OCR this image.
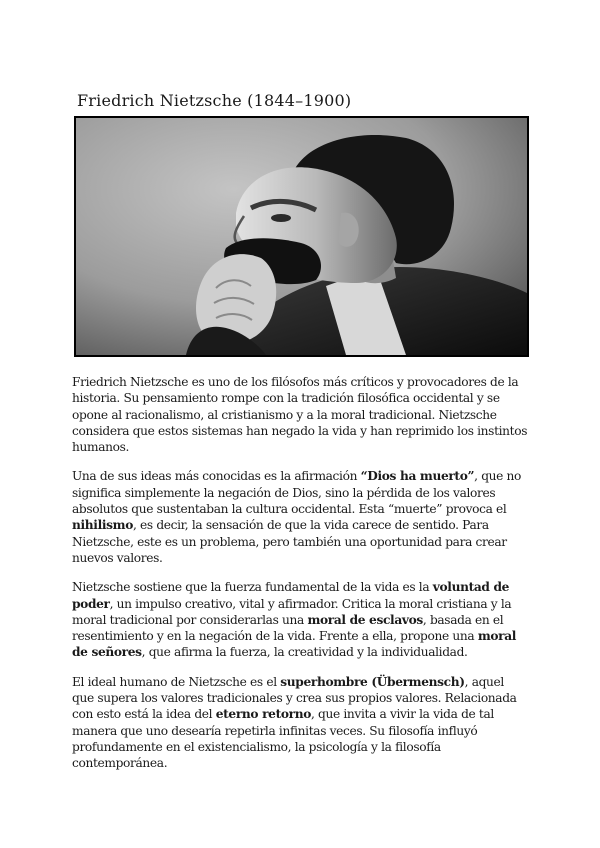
Friedrich Nietzsche (1844–1900)

Friedrich Nietzsche es uno de los filósofos más críticos y provocadores de la historia. Su pensamiento rompe con la tradición filosófica occidental y se opone al racionalismo, al cristianismo y a la moral tradicional. Nietzsche considera que estos sistemas han negado la vida y han reprimido los instintos humanos.

Una de sus ideas más conocidas es la afirmación “Dios ha muerto”, que no significa simplemente la negación de Dios, sino la pérdida de los valores absolutos que sustentaban la cultura occidental. Esta “muerte” provoca el nihilismo, es decir, la sensación de que la vida carece de sentido. Para Nietzsche, este es un problema, pero también una oportunidad para crear nuevos valores.

Nietzsche sostiene que la fuerza fundamental de la vida es la voluntad de poder, un impulso creativo, vital y afirmador. Critica la moral cristiana y la moral tradicional por considerarlas una moral de esclavos, basada en el resentimiento y en la negación de la vida. Frente a ella, propone una moral de señores, que afirma la fuerza, la creatividad y la individualidad.

El ideal humano de Nietzsche es el superhombre (Übermensch), aquel que supera los valores tradicionales y crea sus propios valores. Relacionada con esto está la idea del eterno retorno, que invita a vivir la vida de tal manera que uno desearía repetirla infinitas veces. Su filosofía influyó profundamente en el existencialismo, la psicología y la filosofía contemporánea.
